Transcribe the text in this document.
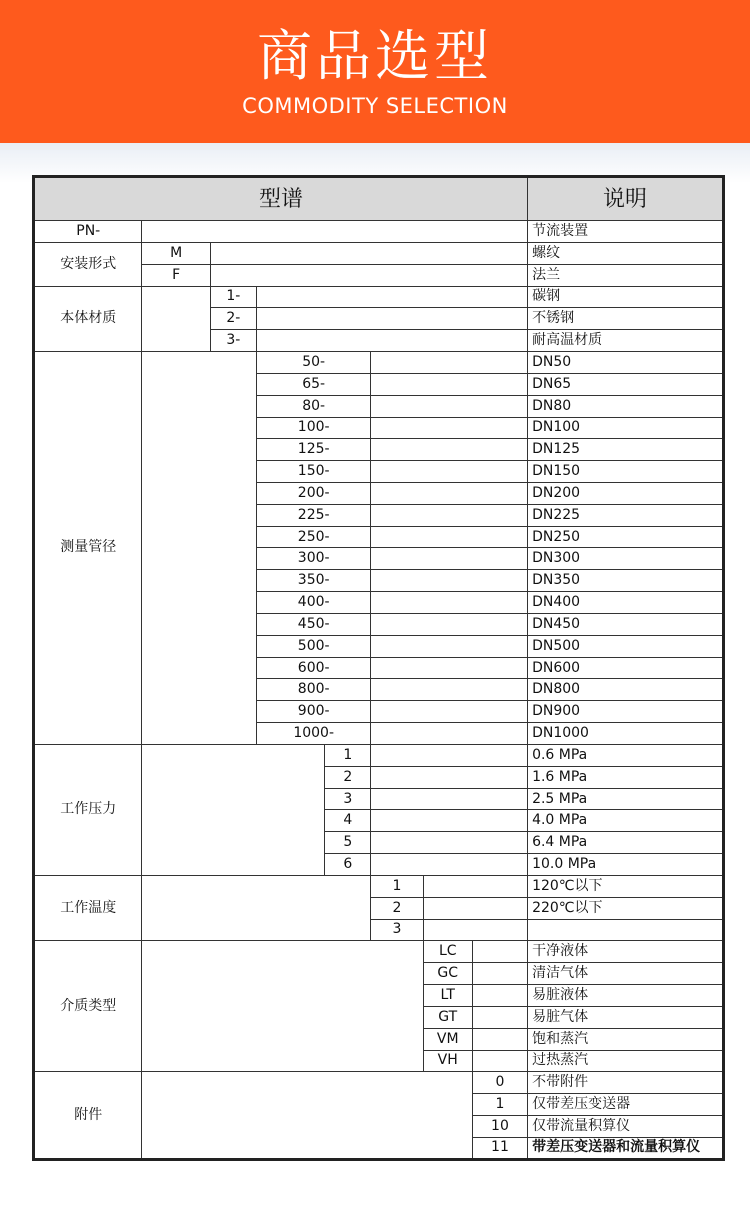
商品选型
COMMODITY SELECTION
型谱								说明
PN-								节流装置
安装形式	M							螺纹
	F							法兰
本体材质		1-						碳钢
		2-						不锈钢
		3-						耐高温材质
测量管径			50-					DN50
			65-					DN65
			80-					DN80
			100-					DN100
			125-					DN125
			150-					DN150
			200-					DN200
			225-					DN225
			250-					DN250
			300-					DN300
			350-					DN350
			400-					DN400
			450-					DN450
			500-					DN500
			600-					DN600
			800-					DN800
			900-					DN900
			1000-					DN1000
工作压力				1				0.6 MPa
				2				1.6 MPa
				3				2.5 MPa
				4				4.0 MPa
				5				6.4 MPa
				6				10.0 MPa
工作温度					1			120℃以下
					2			220℃以下
					3			
介质类型						LC		干净液体
						GC		清洁气体
						LT		易脏液体
						GT		易脏气体
						VM		饱和蒸汽
						VH		过热蒸汽
附件							0	不带附件
							1	仅带差压变送器
							10	仅带流量积算仪
							11	带差压变送器和流量积算仪
